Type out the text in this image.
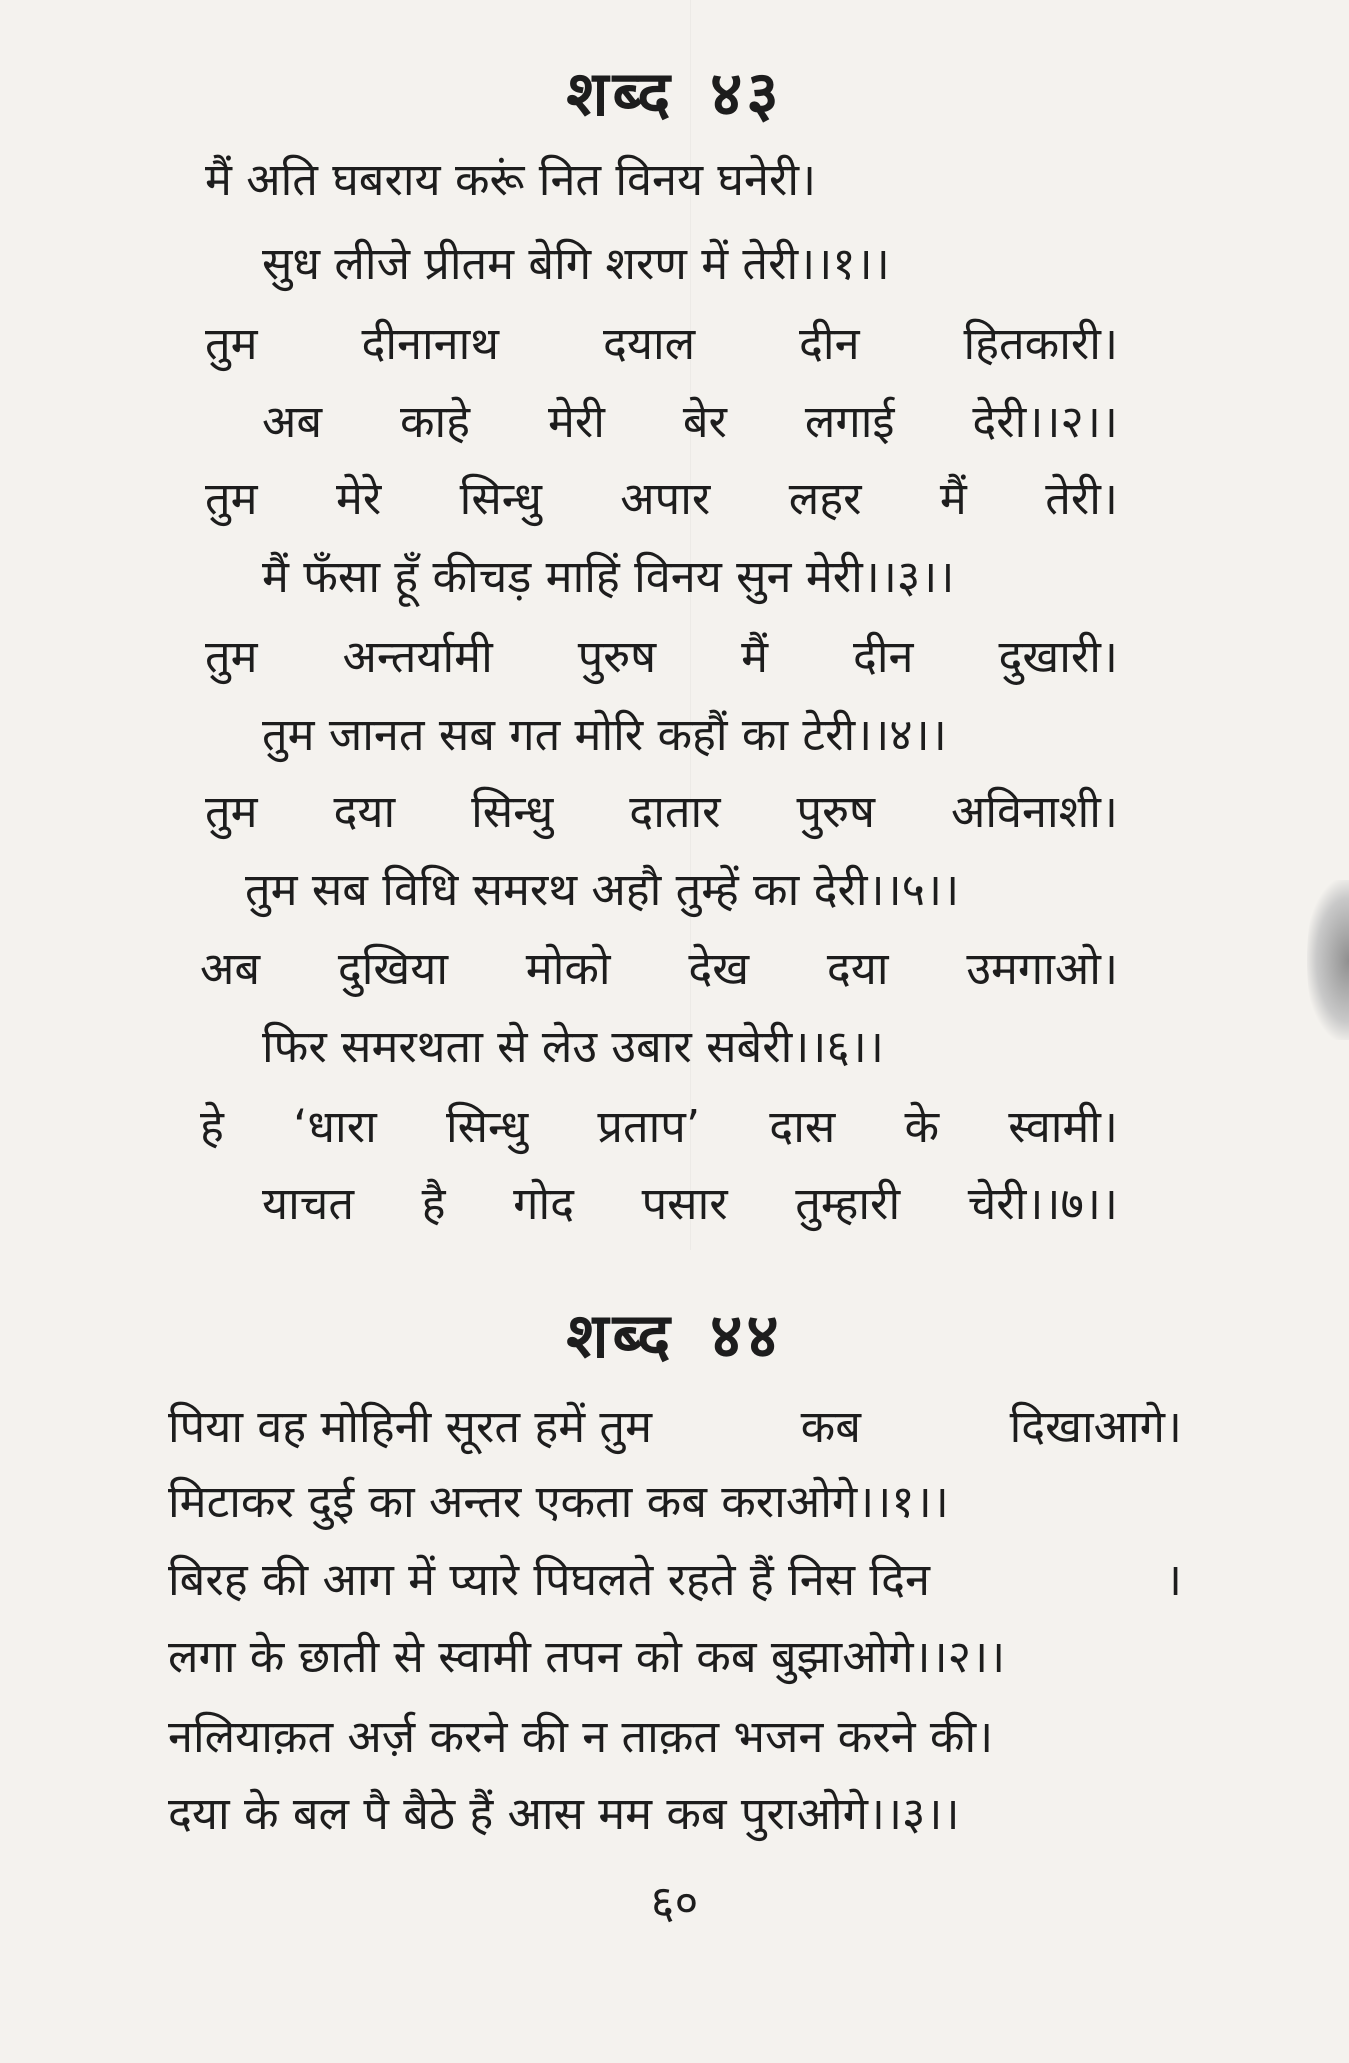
शब्द ४३
मैं अति घबराय करूं नित विनय घनेरी।
सुध लीजे प्रीतम बेगि शरण में तेरी।।१।।
तुम दीनानाथ दयाल दीन हितकारी।
अब काहे मेरी बेर लगाई देरी।।२।।
तुम मेरे सिन्धु अपार लहर मैं तेरी।
मैं फँसा हूँ कीचड़ माहिं विनय सुन मेरी।।३।।
तुम अन्तर्यामी पुरुष मैं दीन दुखारी।
तुम जानत सब गत मोरि कहौं का टेरी।।४।।
तुम दया सिन्धु दातार पुरुष अविनाशी।
तुम सब विधि समरथ अहौ तुम्हें का देरी।।५।।
अब दुखिया मोको देख दया उमगाओ।
फिर समरथता से लेउ उबार सबेरी।।६।।
हे ‘धारा सिन्धु प्रताप’ दास के स्वामी।
याचत है गोद पसार तुम्हारी चेरी।।७।।
शब्द ४४
पिया वह मोहिनी सूरत हमें तुम	कब	दिखाआगे।
मिटाकर दुई का अन्तर एकता कब कराओगे।।१।।
बिरह की आग में प्यारे पिघलते रहते हैं निस दिन	।
लगा के छाती से स्वामी तपन को कब बुझाओगे।।२।।
नलियाक़त अर्ज़ करने की न ताक़त भजन करने की।
दया के बल पै बैठे हैं आस मम कब पुराओगे।।३।।
६०
